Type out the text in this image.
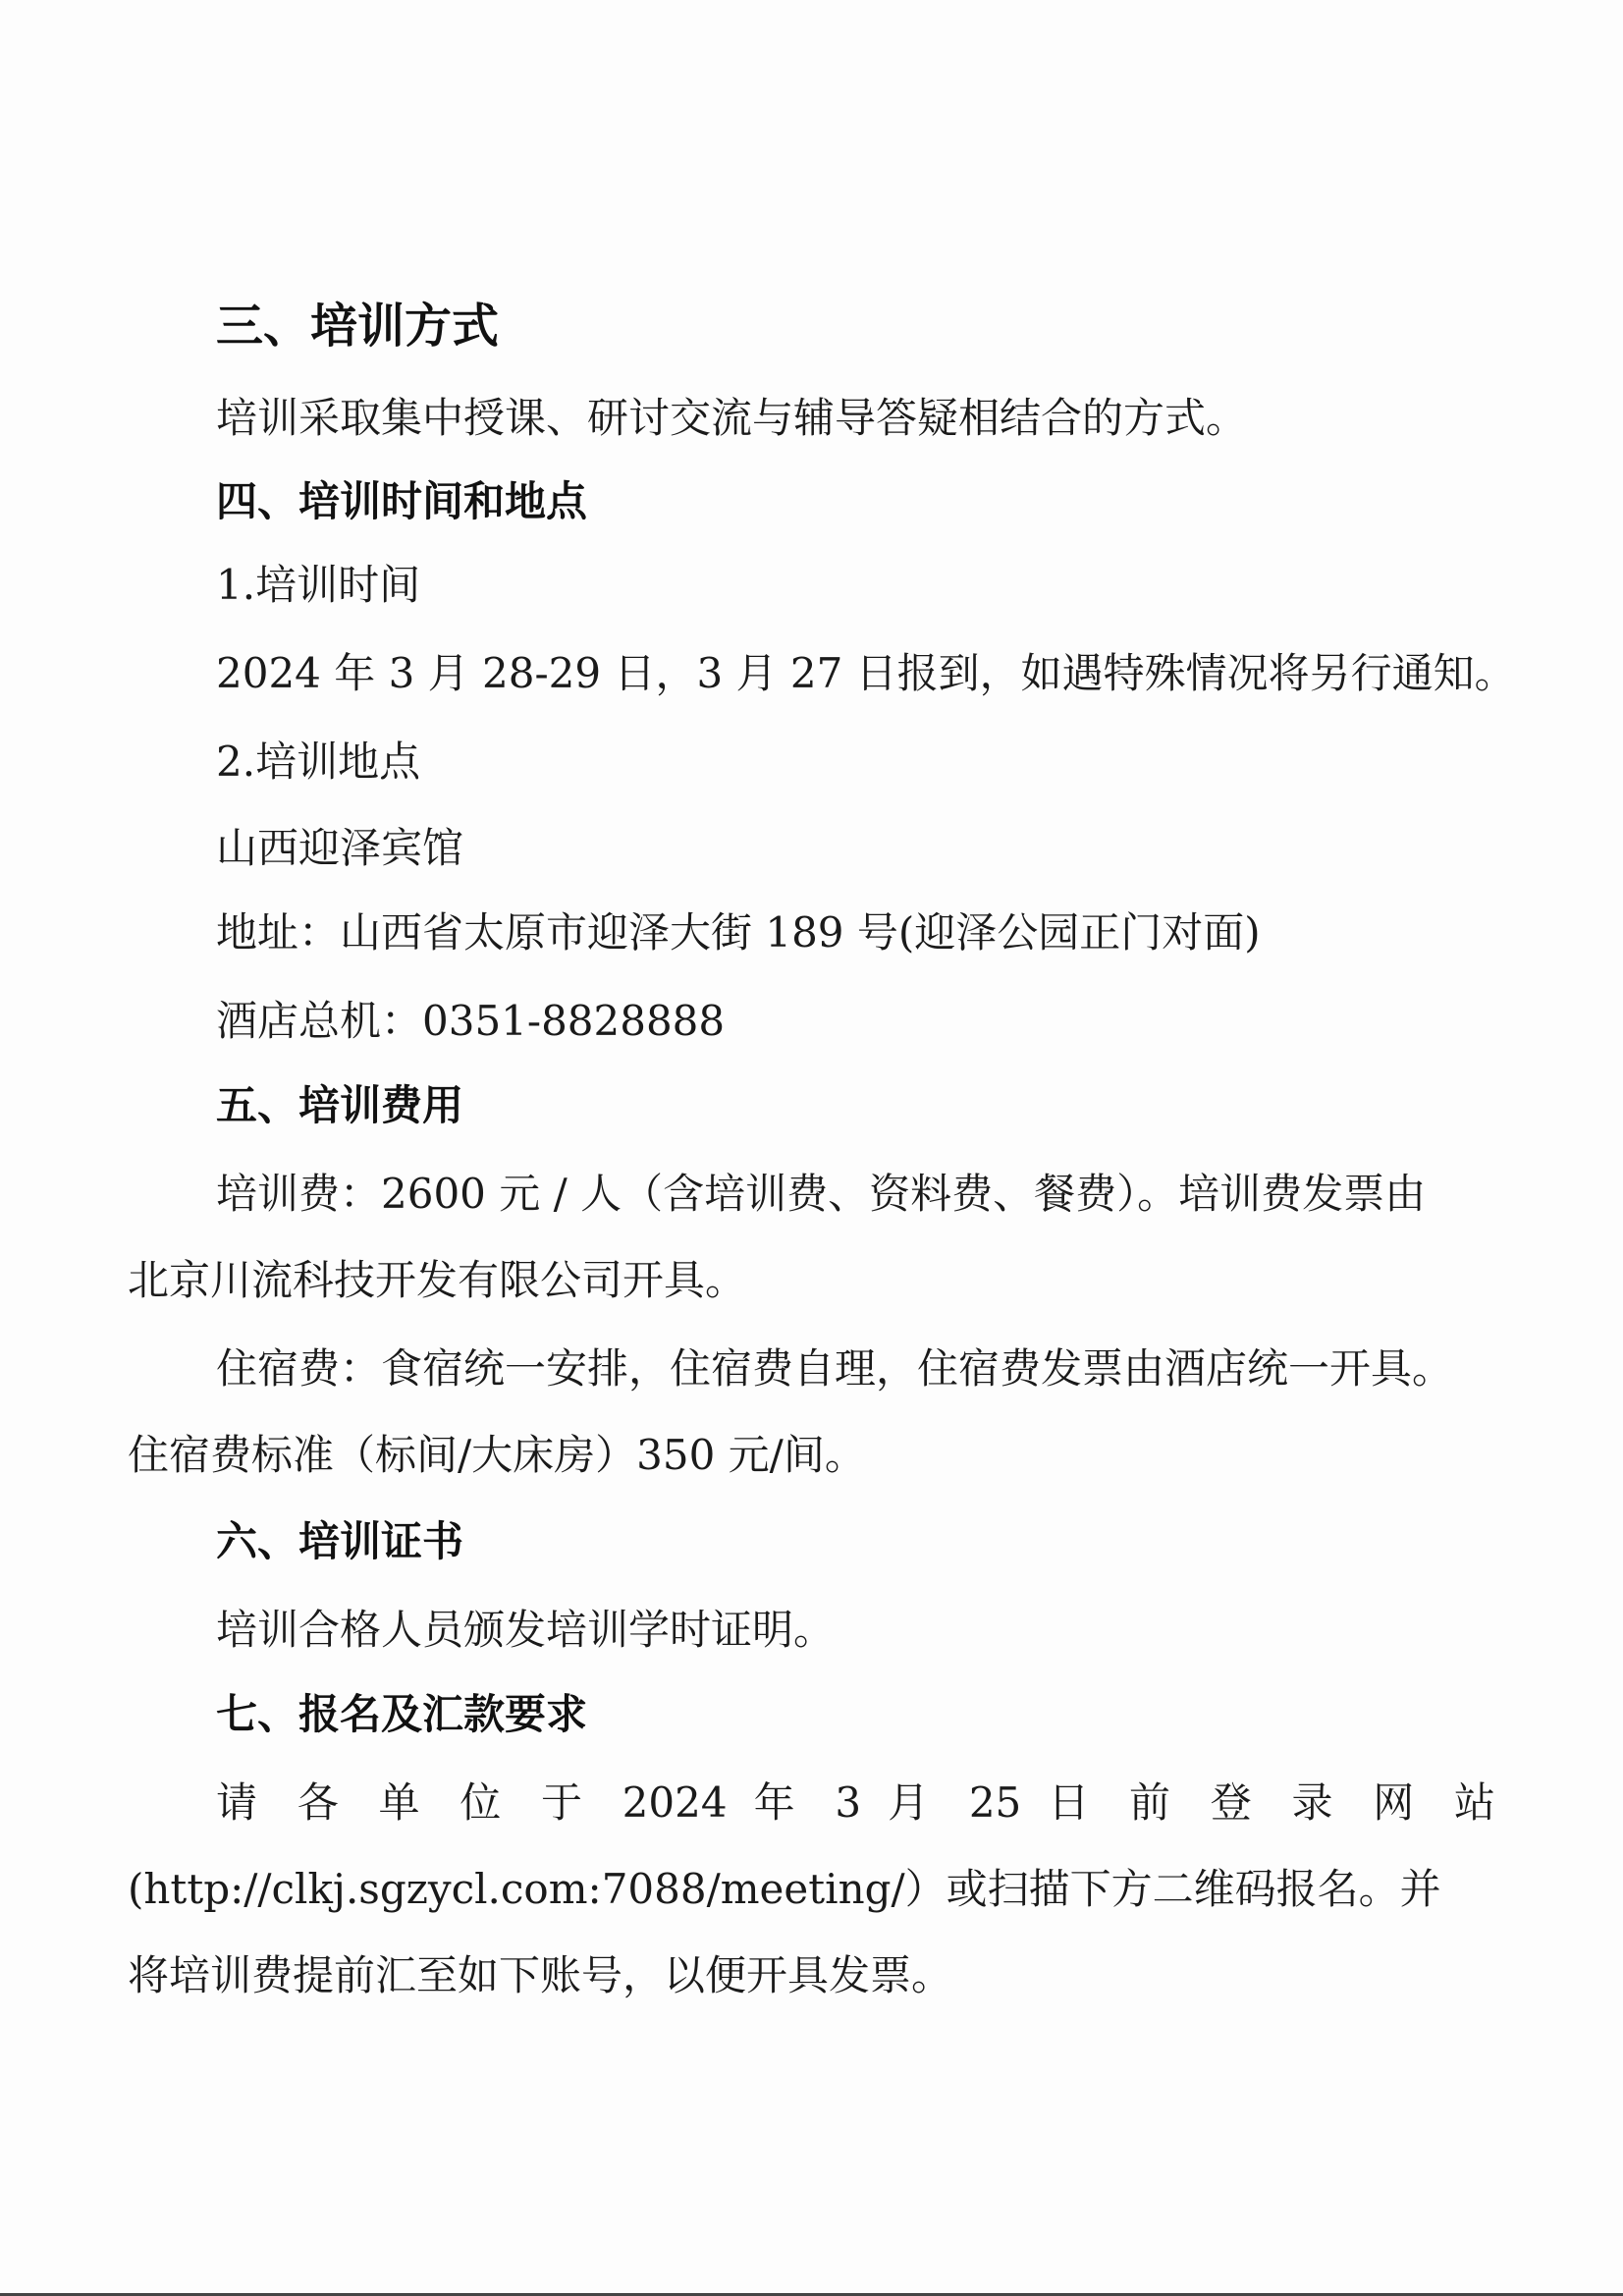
三、培训方式

培训采取集中授课、研讨交流与辅导答疑相结合的方式。

四、培训时间和地点

1.培训时间

2024 年 3 月 28-29 日，3 月 27 日报到，如遇特殊情况将另行通知。

2.培训地点

山西迎泽宾馆

地址：山西省太原市迎泽大街 189 号(迎泽公园正门对面)

酒店总机：0351-8828888

五、培训费用

培训费：2600 元 / 人（含培训费、资料费、餐费）。培训费发票由

北京川流科技开发有限公司开具。

住宿费：食宿统一安排，住宿费自理，住宿费发票由酒店统一开具。

住宿费标准（标间/大床房）350 元/间。

六、培训证书

培训合格人员颁发培训学时证明。

七、报名及汇款要求

请 各 单 位 于 2024 年 3 月 25 日 前 登 录 网 站

(http://clkj.sgzycl.com:7088/meeting/）或扫描下方二维码报名。并

将培训费提前汇至如下账号，以便开具发票。
